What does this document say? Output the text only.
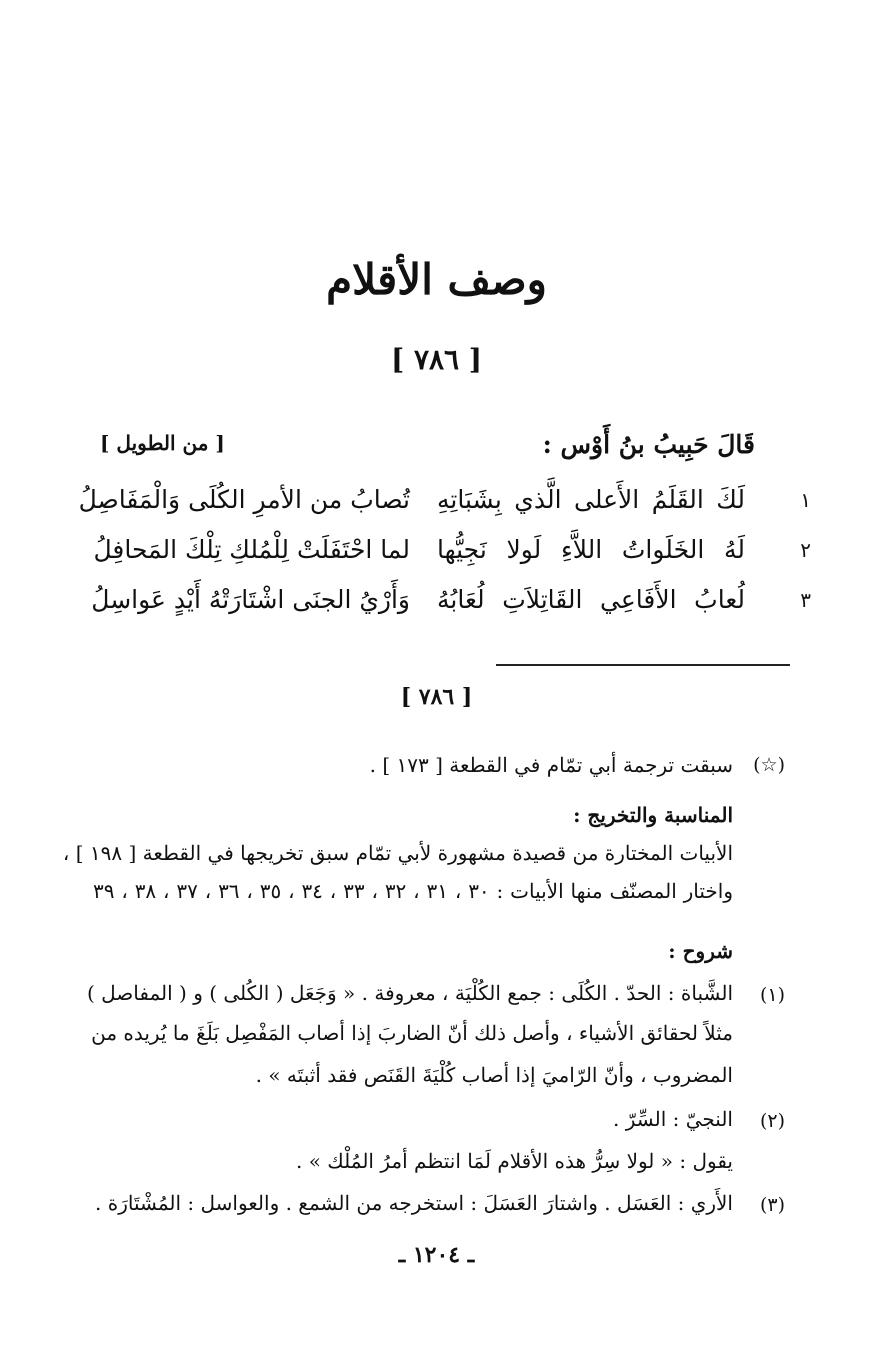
وصف الأقلام
[ ٧٨٦ ]
قَالَ حَبِيبُ بنُ أَوْس :
[ من الطويل ]
١
لَكَ القَلَمُ الأَعلى الَّذي بِشَبَاتِهِ
تُصابُ من الأمرِ الكُلَى وَالْمَفَاصِلُ
٢
لَهُ الخَلَواتُ اللاَّءِ لَولا نَجِيُّها
لما احْتَفَلَتْ لِلْمُلكِ تِلْكَ المَحافِلُ
٣
لُعابُ الأَفَاعِي القَاتِلاَتِ لُعَابُهُ
وَأَرْيُ الجنَى اشْتَارَتْهُ أَيْدٍ عَواسِلُ
[ ٧٨٦ ]
(☆)
سبقت ترجمة أبي تمّام في القطعة [ ١٧٣ ] .
المناسبة والتخريج :
الأبيات المختارة من قصيدة مشهورة لأبي تمّام سبق تخريجها في القطعة [ ١٩٨ ] ،
واختار المصنّف منها الأبيات : ٣٠ ، ٣١ ، ٣٢ ، ٣٣ ، ٣٤ ، ٣٥ ، ٣٦ ، ٣٧ ، ٣٨ ، ٣٩
شروح :
(١)
الشَّباة : الحدّ . الكُلَى : جمع الكُلْيَة ، معروفة . « وَجَعَل ( الكُلى ) و ( المفاصل )
مثلاً لحقائق الأشياء ، وأصل ذلك أنّ الضاربَ إذا أصاب المَفْصِل بَلَغَ ما يُريده من
المضروب ، وأنّ الرّاميَ إذا أصاب كُلْيَةَ القَنَص فقد أثبتَه » .
(٢)
النجيّ : السِّرّ .
يقول : « لولا سِرُّ هذه الأقلام لَمَا انتظم أمرُ المُلْك » .
(٣)
الأَري : العَسَل . واشتارَ العَسَلَ : استخرجه من الشمع . والعواسل : المُشْتَارَة .
ـ ١٢٠٤ ـ
